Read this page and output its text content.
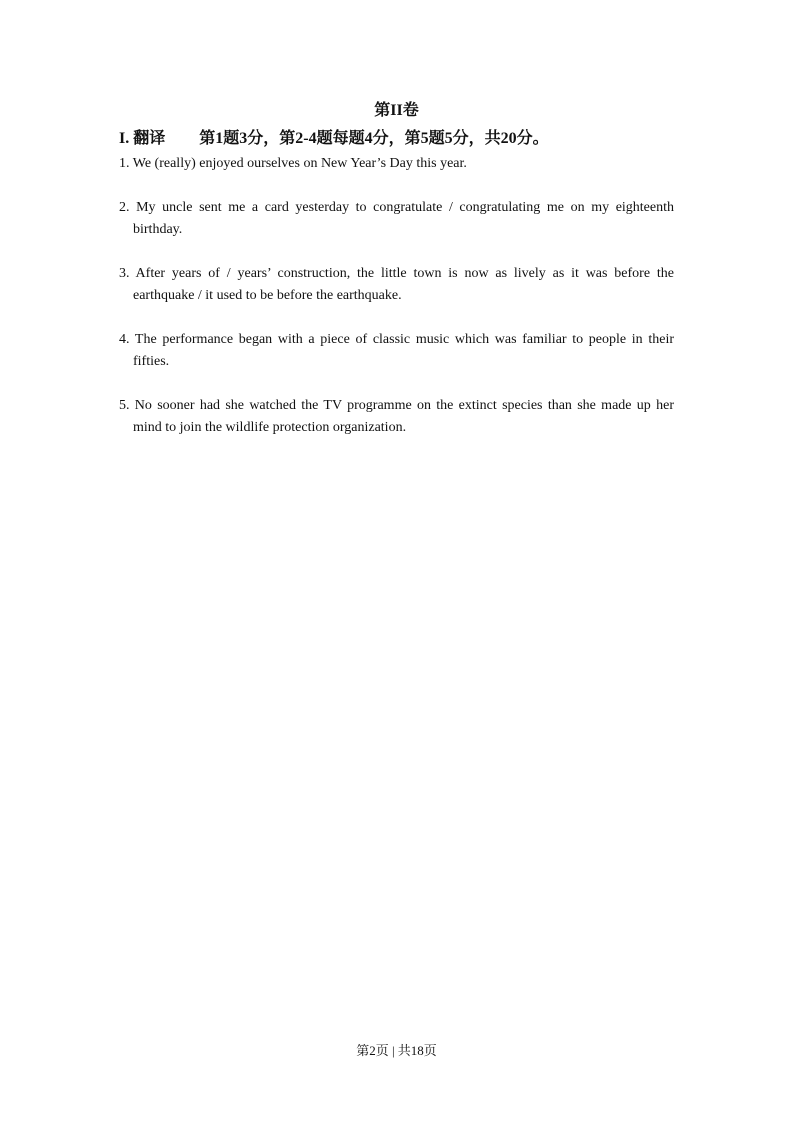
第II卷
I. 翻译 第1题3分，第2-4题每题4分，第5题5分，共20分。

1. We (really) enjoyed ourselves on New Year’s Day this year.

2. My uncle sent me a card yesterday to congratulate / congratulating me on my eighteenth birthday.

3. After years of / years’ construction, the little town is now as lively as it was before the earthquake / it used to be before the earthquake.

4. The performance began with a piece of classic music which was familiar to people in their fifties.

5. No sooner had she watched the TV programme on the extinct species than she made up her mind to join the wildlife protection organization.

第2页 | 共18页
